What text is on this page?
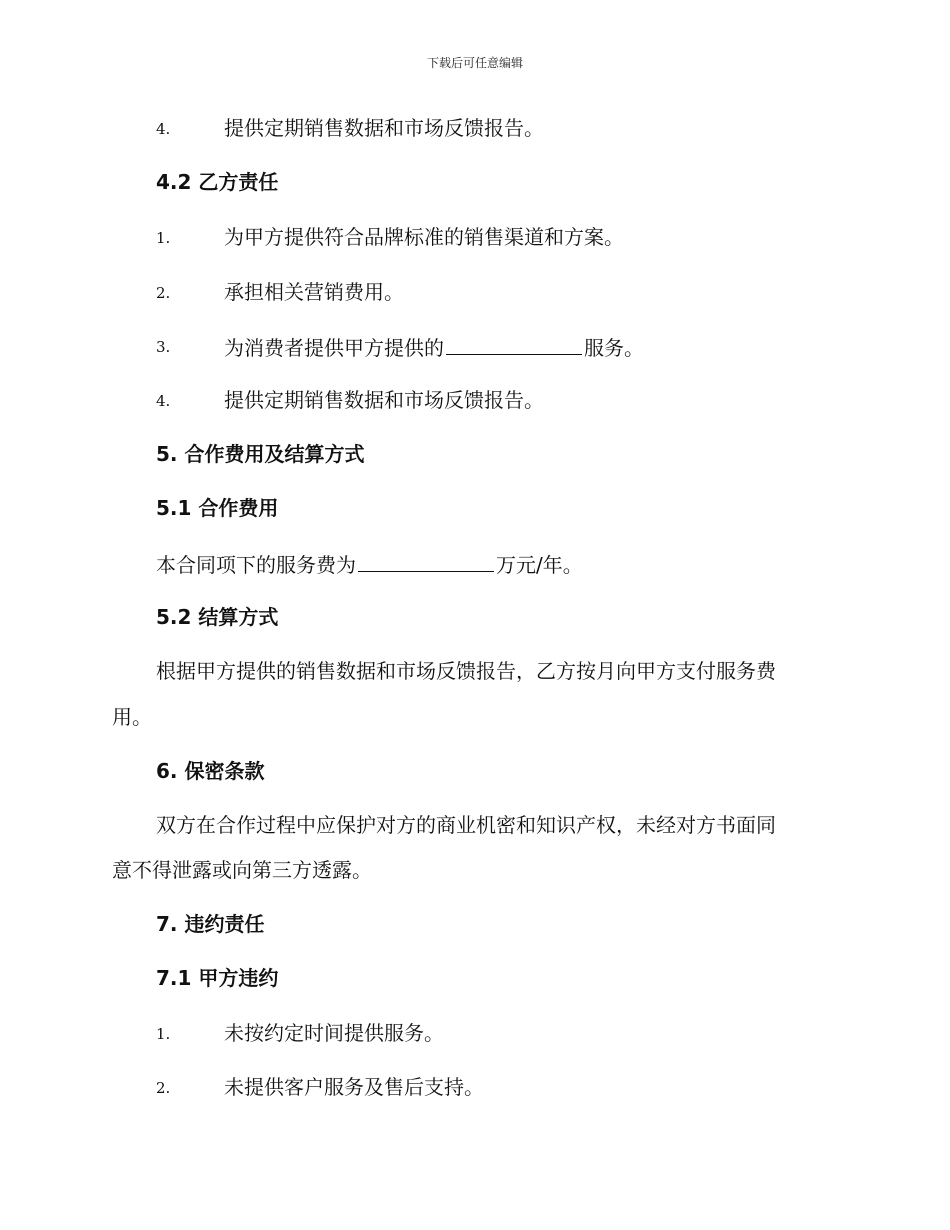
下载后可任意编辑
4.	提供定期销售数据和市场反馈报告。
4.2 乙方责任
1.	为甲方提供符合品牌标准的销售渠道和方案。
2.	承担相关营销费用。
3.	为消费者提供甲方提供的	服务。
4.	提供定期销售数据和市场反馈报告。
5. 合作费用及结算方式
5.1 合作费用
本合同项下的服务费为	万元/年。
5.2 结算方式
根据甲方提供的销售数据和市场反馈报告，乙方按月向甲方支付服务费
用。
6. 保密条款
双方在合作过程中应保护对方的商业机密和知识产权，未经对方书面同
意不得泄露或向第三方透露。
7. 违约责任
7.1 甲方违约
1.	未按约定时间提供服务。
2.	未提供客户服务及售后支持。
